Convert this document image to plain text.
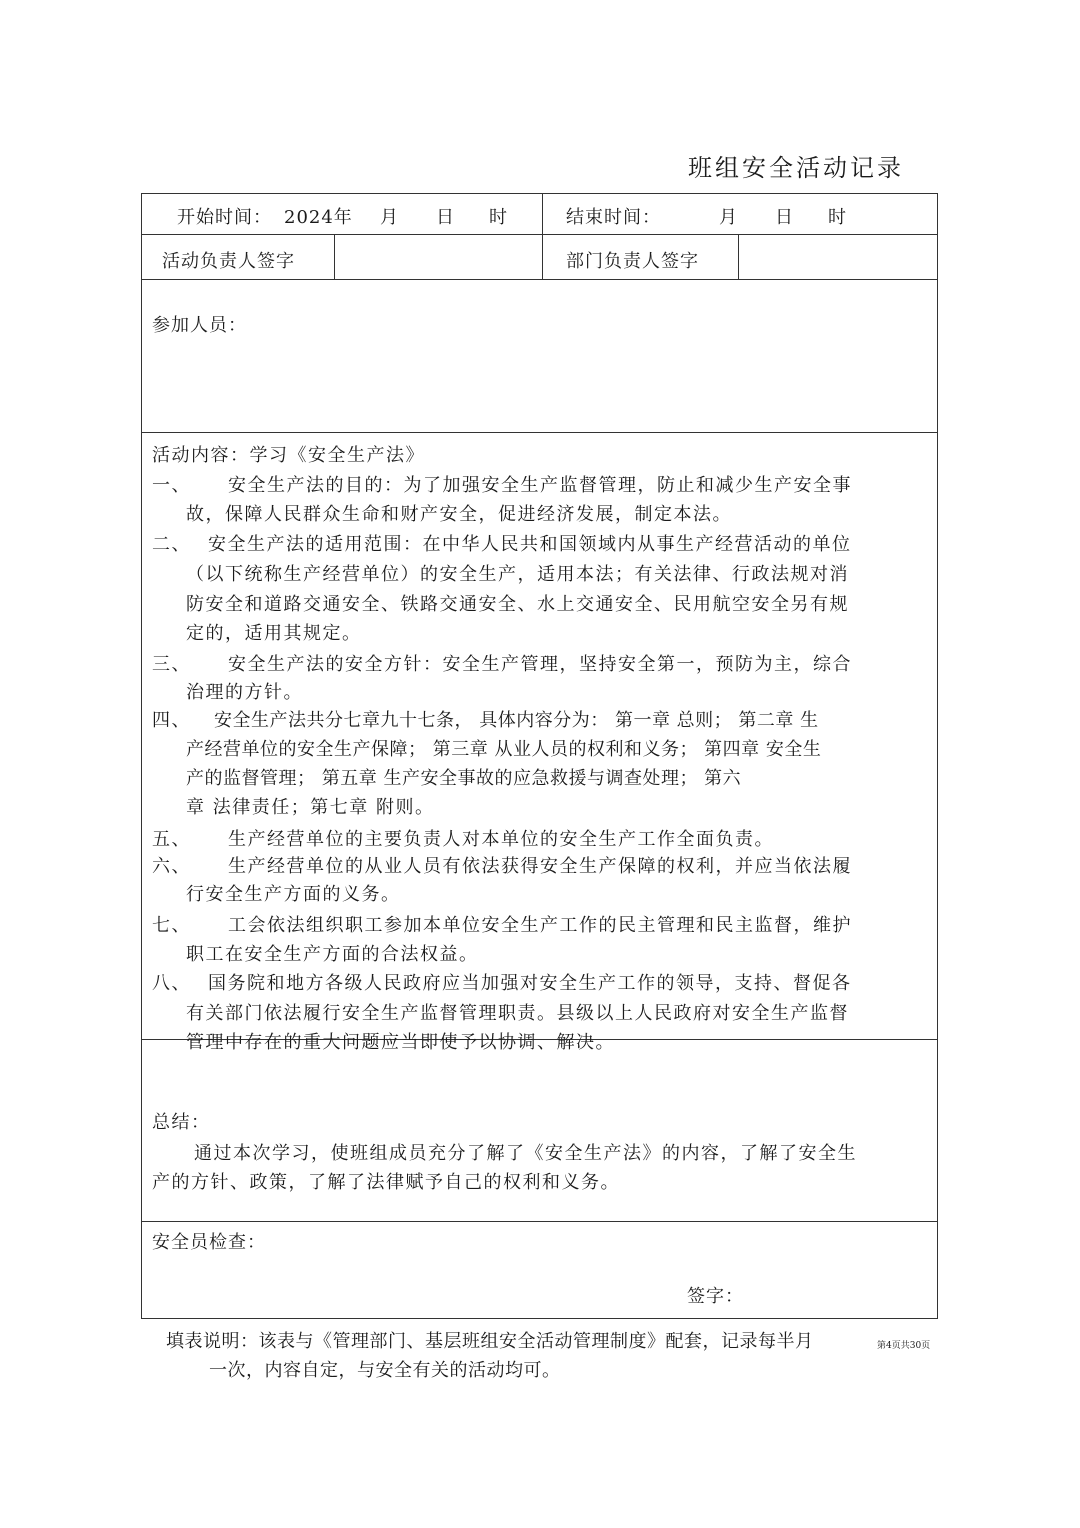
班组安全活动记录
开始时间： 2024年 月 日 时	结束时间：	月 日 时
活动负责人签字	部门负责人签字
参加人员：
活动内容：学习《安全生产法》
一、 安全生产法的目的：为了加强安全生产监督管理，防止和减少生产安全事
故，保障人民群众生命和财产安全，促进经济发展，制定本法。
二、 安全生产法的适用范围：在中华人民共和国领域内从事生产经营活动的单位
（以下统称生产经营单位）的安全生产，适用本法；有关法律、行政法规对消
防安全和道路交通安全、铁路交通安全、水上交通安全、民用航空安全另有规
定的，适用其规定。
三、 安全生产法的安全方针：安全生产管理，坚持安全第一，预防为主，综合
治理的方针。
四、 安全生产法共分七章九十七条， 具体内容分为： 第一章 总则； 第二章 生
产经营单位的安全生产保障； 第三章 从业人员的权利和义务； 第四章 安全生
产的监督管理； 第五章 生产安全事故的应急救援与调查处理； 第六
章 法律责任；第七章 附则。
五、 生产经营单位的主要负责人对本单位的安全生产工作全面负责。
六、 生产经营单位的从业人员有依法获得安全生产保障的权利，并应当依法履
行安全生产方面的义务。
七、 工会依法组织职工参加本单位安全生产工作的民主管理和民主监督，维护
职工在安全生产方面的合法权益。
八、 国务院和地方各级人民政府应当加强对安全生产工作的领导，支持、督促各
有关部门依法履行安全生产监督管理职责。县级以上人民政府对安全生产监督
管理中存在的重大问题应当即使予以协调、解决。
总结：
通过本次学习，使班组成员充分了解了《安全生产法》的内容，了解了安全生
产的方针、政策，了解了法律赋予自己的权利和义务。
安全员检查：
签字：
填表说明：该表与《管理部门、基层班组安全活动管理制度》配套，记录每半月	第4页共30页
一次，内容自定，与安全有关的活动均可。
